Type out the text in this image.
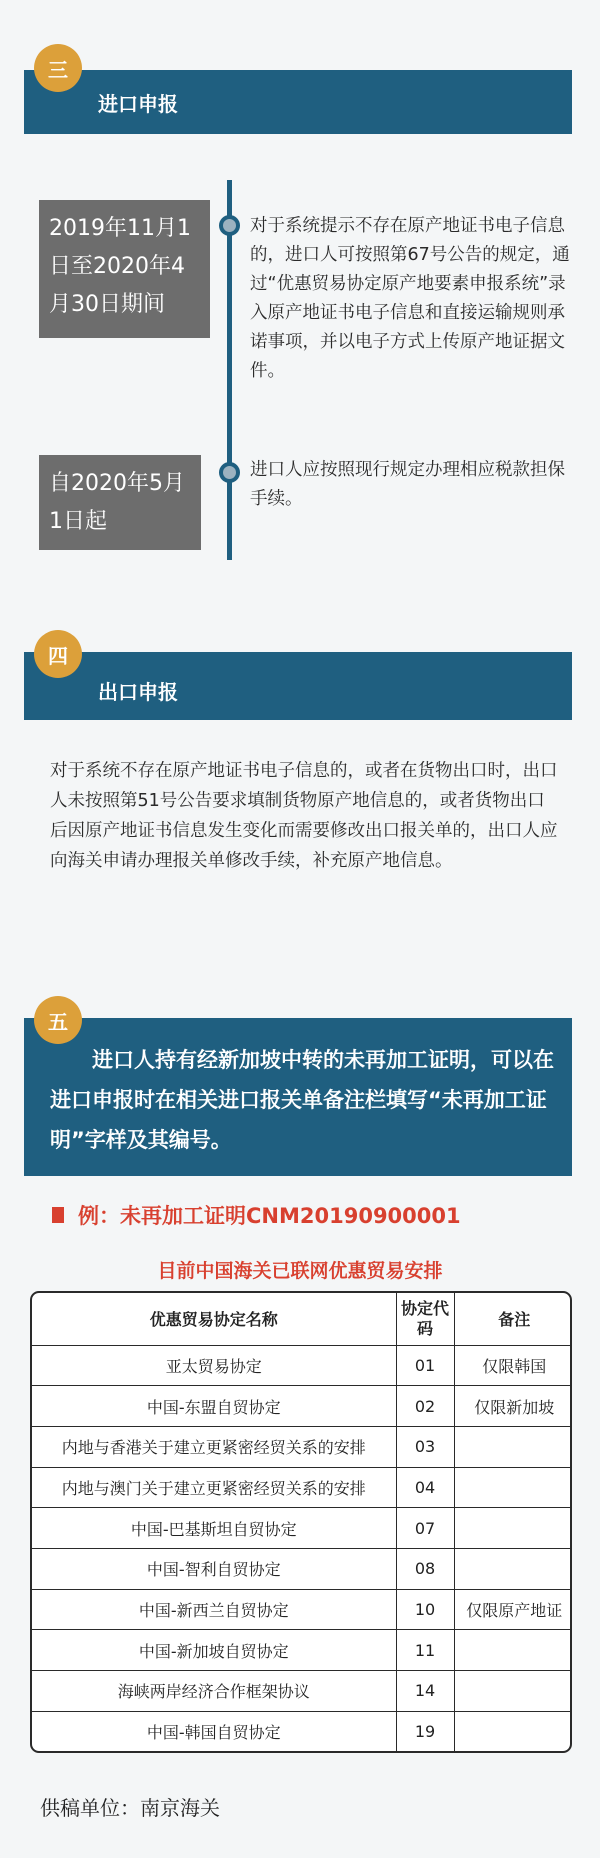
进口申报
三
2019年11月1日至2020年4月30日期间
对于系统提示不存在原产地证书电子信息的，进口人可按照第67号公告的规定，通过“优惠贸易协定原产地要素申报系统”录入原产地证书电子信息和直接运输规则承诺事项，并以电子方式上传原产地证据文件。
自2020年5月1日起
进口人应按照现行规定办理相应税款担保手续。
出口申报
四
对于系统不存在原产地证书电子信息的，或者在货物出口时，出口人未按照第51号公告要求填制货物原产地信息的，或者货物出口后因原产地证书信息发生变化而需要修改出口报关单的，出口人应向海关申请办理报关单修改手续，补充原产地信息。
五
进口人持有经新加坡中转的未再加工证明，可以在进口申报时在相关进口报关单备注栏填写“未再加工证明”字样及其编号。
例：未再加工证明CNM20190900001
目前中国海关已联网优惠贸易安排
优惠贸易协定名称	协定代码	备注
亚太贸易协定	01	仅限韩国
中国-东盟自贸协定	02	仅限新加坡
内地与香港关于建立更紧密经贸关系的安排	03	
内地与澳门关于建立更紧密经贸关系的安排	04	
中国-巴基斯坦自贸协定	07	
中国-智利自贸协定	08	
中国-新西兰自贸协定	10	仅限原产地证
中国-新加坡自贸协定	11	
海峡两岸经济合作框架协议	14	
中国-韩国自贸协定	19	
供稿单位：南京海关
